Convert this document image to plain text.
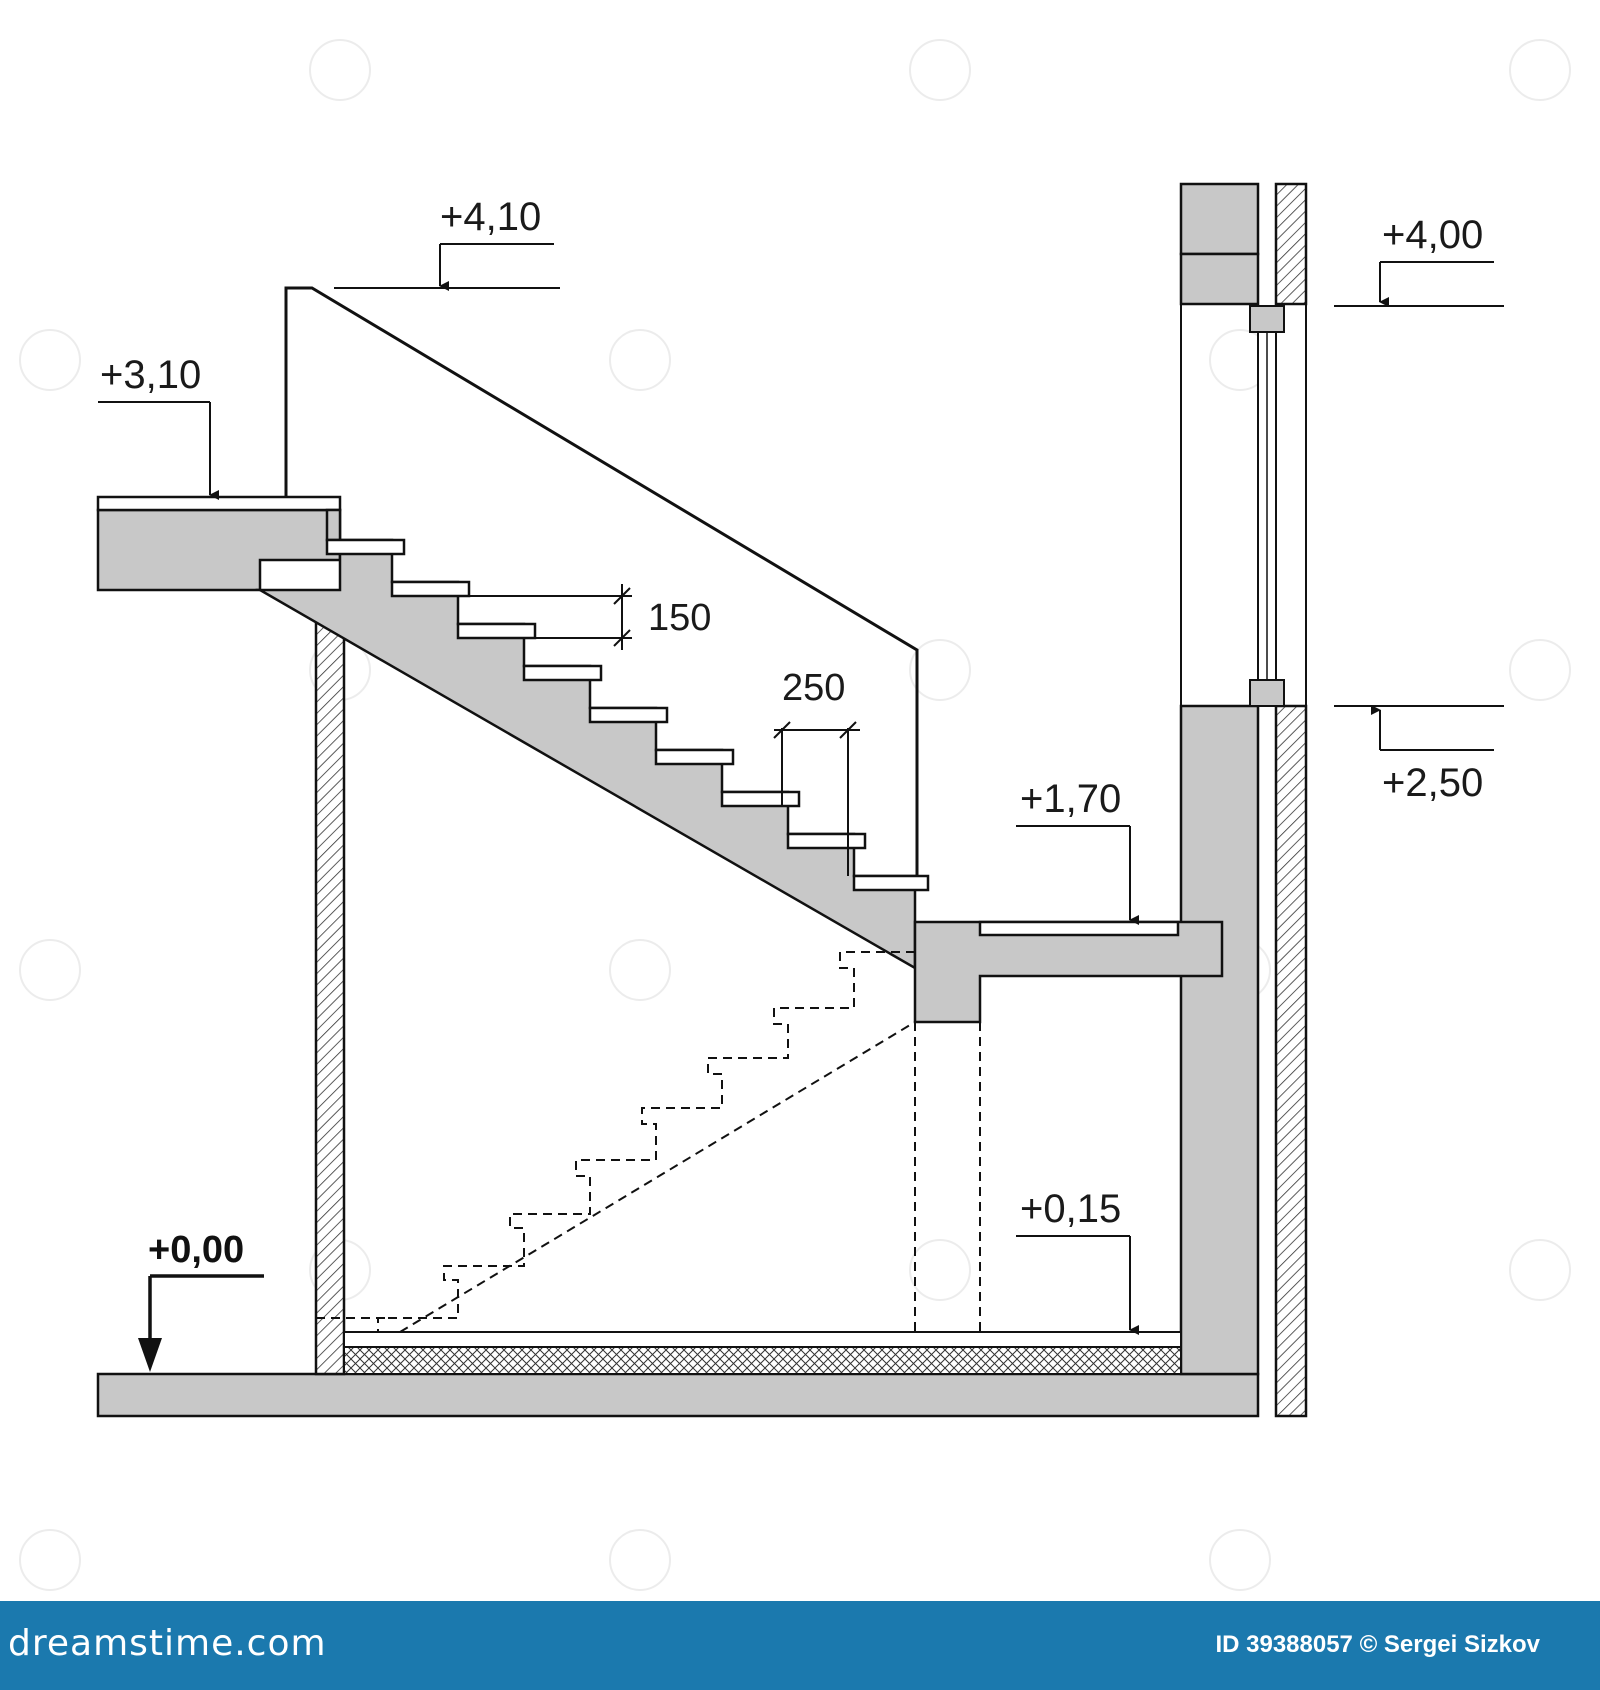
+4,10
+3,10
+1,70
+4,00
+2,50
+0,15
+0,00
150
250
dreamstime.com	ID 39388057 © Sergei Sizkov
